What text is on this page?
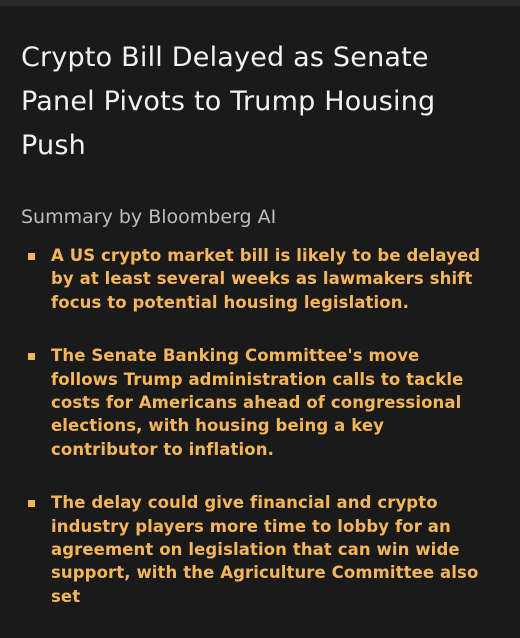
Crypto Bill Delayed as Senate Panel Pivots to Trump Housing Push
Summary by Bloomberg AI
A US crypto market bill is likely to be delayed by at least several weeks as lawmakers shift focus to potential housing legislation.
The Senate Banking Committee's move follows Trump administration calls to tackle costs for Americans ahead of congressional elections, with housing being a key contributor to inflation.
The delay could give financial and crypto industry players more time to lobby for an agreement on legislation that can win wide support, with the Agriculture Committee also set
